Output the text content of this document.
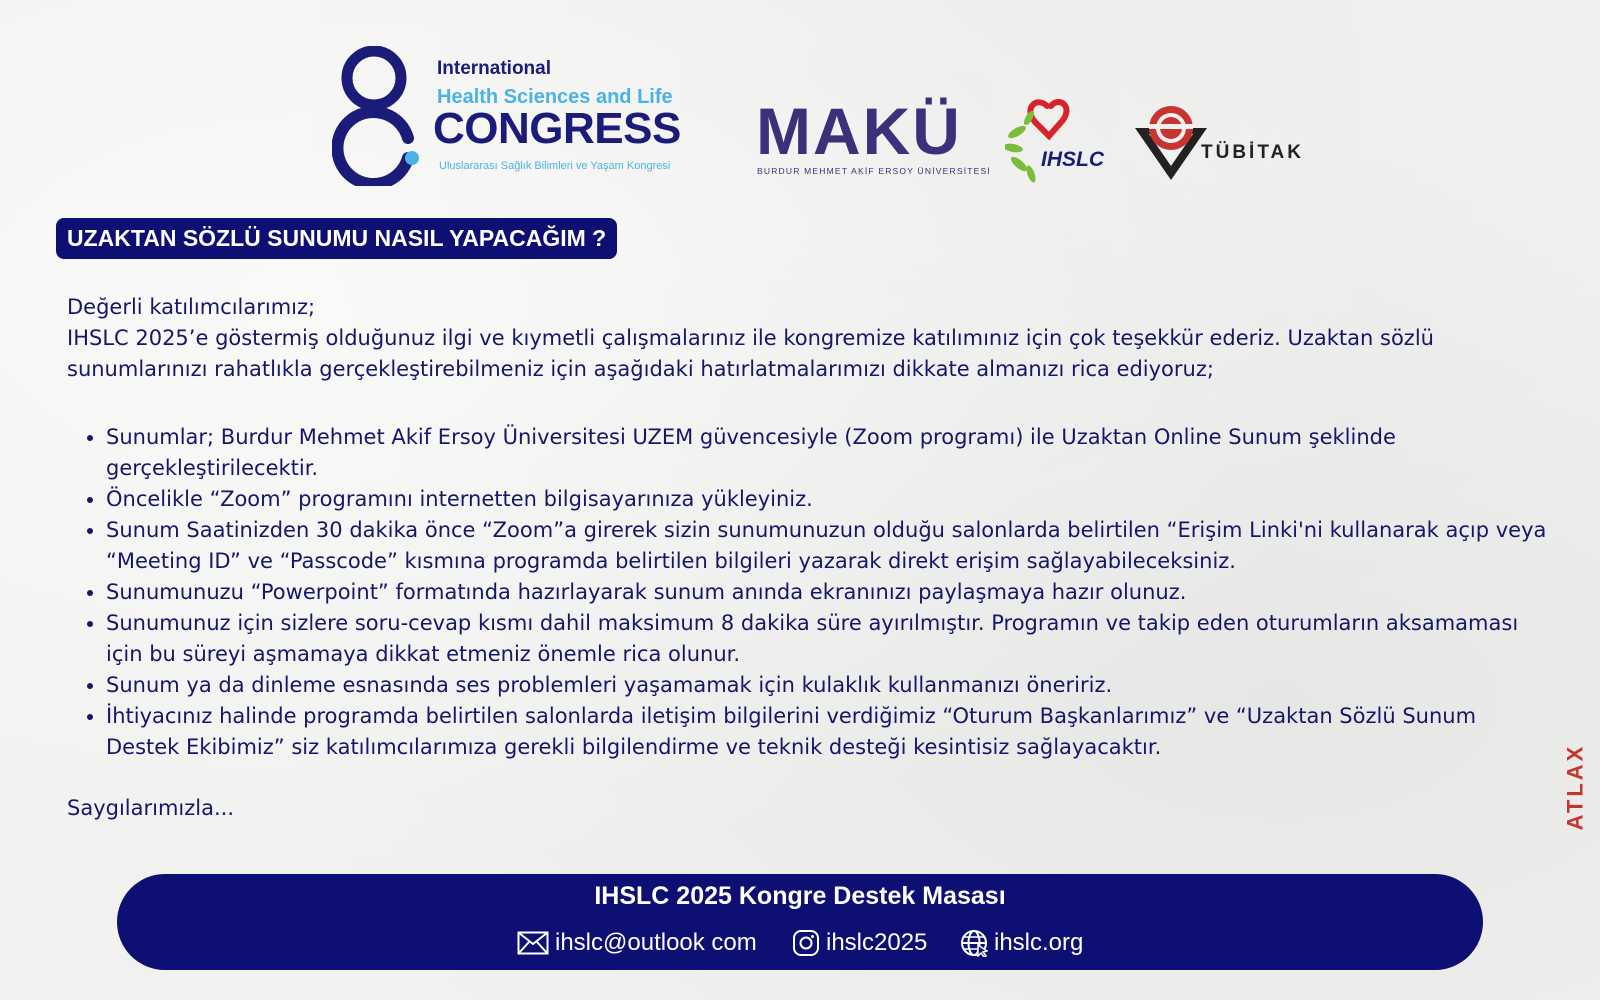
International
Health Sciences and Life
CONGRESS
Uluslararası Sağlık Bilimleri ve Yaşam Kongresi MAKÜ
BURDUR MEHMET AKİF ERSOY ÜNİVERSİTESİ IHSLC	TÜBİTAK
UZAKTAN SÖZLÜ SUNUMU NASIL YAPACAĞIM ?

Değerli katılımcılarımız;

IHSLC 2025’e göstermiş olduğunuz ilgi ve kıymetli çalışmalarınız ile kongremize katılımınız için çok teşekkür ederiz. Uzaktan sözlü sunumlarınızı rahatlıkla gerçekleştirebilmeniz için aşağıdaki hatırlatmalarımızı dikkate almanızı rica ediyoruz;

• Sunumlar; Burdur Mehmet Akif Ersoy Üniversitesi UZEM güvencesiyle (Zoom programı) ile Uzaktan Online Sunum şeklinde gerçekleştirilecektir.
• Öncelikle “Zoom” programını internetten bilgisayarınıza yükleyiniz.
• Sunum Saatinizden 30 dakika önce “Zoom”a girerek sizin sunumunuzun olduğu salonlarda belirtilen “Erişim Linki'ni kullanarak açıp veya “Meeting ID” ve “Passcode” kısmına programda belirtilen bilgileri yazarak direkt erişim sağlayabileceksiniz.
• Sunumunuzu “Powerpoint” formatında hazırlayarak sunum anında ekranınızı paylaşmaya hazır olunuz.
• Sunumunuz için sizlere soru-cevap kısmı dahil maksimum 8 dakika süre ayırılmıştır. Programın ve takip eden oturumların aksamaması için bu süreyi aşmamaya dikkat etmeniz önemle rica olunur.
• Sunum ya da dinleme esnasında ses problemleri yaşamamak için kulaklık kullanmanızı öneririz.
• İhtiyacınız halinde programda belirtilen salonlarda iletişim bilgilerini verdiğimiz “Oturum Başkanlarımız” ve “Uzaktan Sözlü Sunum Destek Ekibimiz” siz katılımcılarımıza gerekli bilgilendirme ve teknik desteği kesintisiz sağlayacaktır.

Saygılarımızla...	ATLAX
IHSLC 2025 Kongre Destek Masası
ihslc@outlook com	ihslc2025	ihslc.org
